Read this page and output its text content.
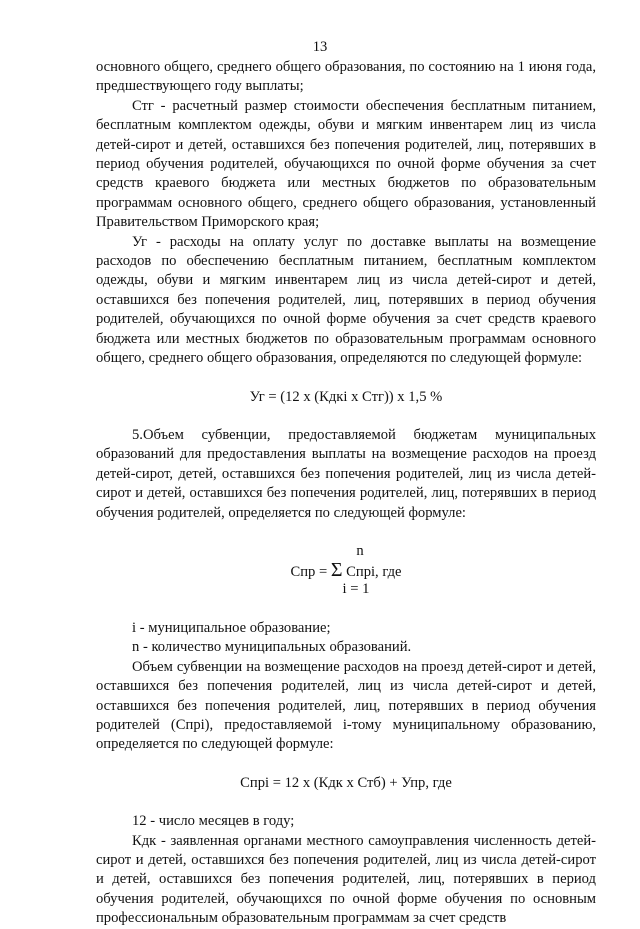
13

основного общего, среднего общего образования, по состоянию на 1 июня года, предшествующего году выплаты;

Стг - расчетный размер стоимости обеспечения бесплатным питанием, бесплатным комплектом одежды, обуви и мягким инвентарем лиц из числа детей-сирот и детей, оставшихся без попечения родителей, лиц, потерявших в период обучения родителей, обучающихся по очной форме обучения за счет средств краевого бюджета или местных бюджетов по образовательным программам основного общего, среднего общего образования, установленный Правительством Приморского края;

Уг - расходы на оплату услуг по доставке выплаты на возмещение расходов по обеспечению бесплатным питанием, бесплатным комплектом одежды, обуви и мягким инвентарем лиц из числа детей-сирот и детей, оставшихся без попечения родителей, лиц, потерявших в период обучения родителей, обучающихся по очной форме обучения за счет средств краевого бюджета или местных бюджетов по образовательным программам основного общего, среднего общего образования, определяются по следующей формуле:

Уг = (12 х (Кдкi х Стг)) х 1,5 %

5.Объем субвенции, предоставляемой бюджетам муниципальных образований для предоставления выплаты на возмещение расходов на проезд детей-сирот, детей, оставшихся без попечения родителей, лиц из числа детей-сирот и детей, оставшихся без попечения родителей, лиц, потерявших в период обучения родителей, определяется по следующей формуле:

n
Спр = Σ Спрi, где
i = 1

i - муниципальное образование;

n - количество муниципальных образований.

Объем субвенции на возмещение расходов на проезд детей-сирот и детей, оставшихся без попечения родителей, лиц из числа детей-сирот и детей, оставшихся без попечения родителей, лиц, потерявших в период обучения родителей (Спрi), предоставляемой i-тому муниципальному образованию, определяется по следующей формуле:

Спрi = 12 х (Кдк х Стб) + Упр, где

12 - число месяцев в году;

Кдк - заявленная органами местного самоуправления численность детей-сирот и детей, оставшихся без попечения родителей, лиц из числа детей-сирот и детей, оставшихся без попечения родителей, лиц, потерявших в период обучения родителей, обучающихся по очной форме обучения по основным профессиональным образовательным программам за счет средств
